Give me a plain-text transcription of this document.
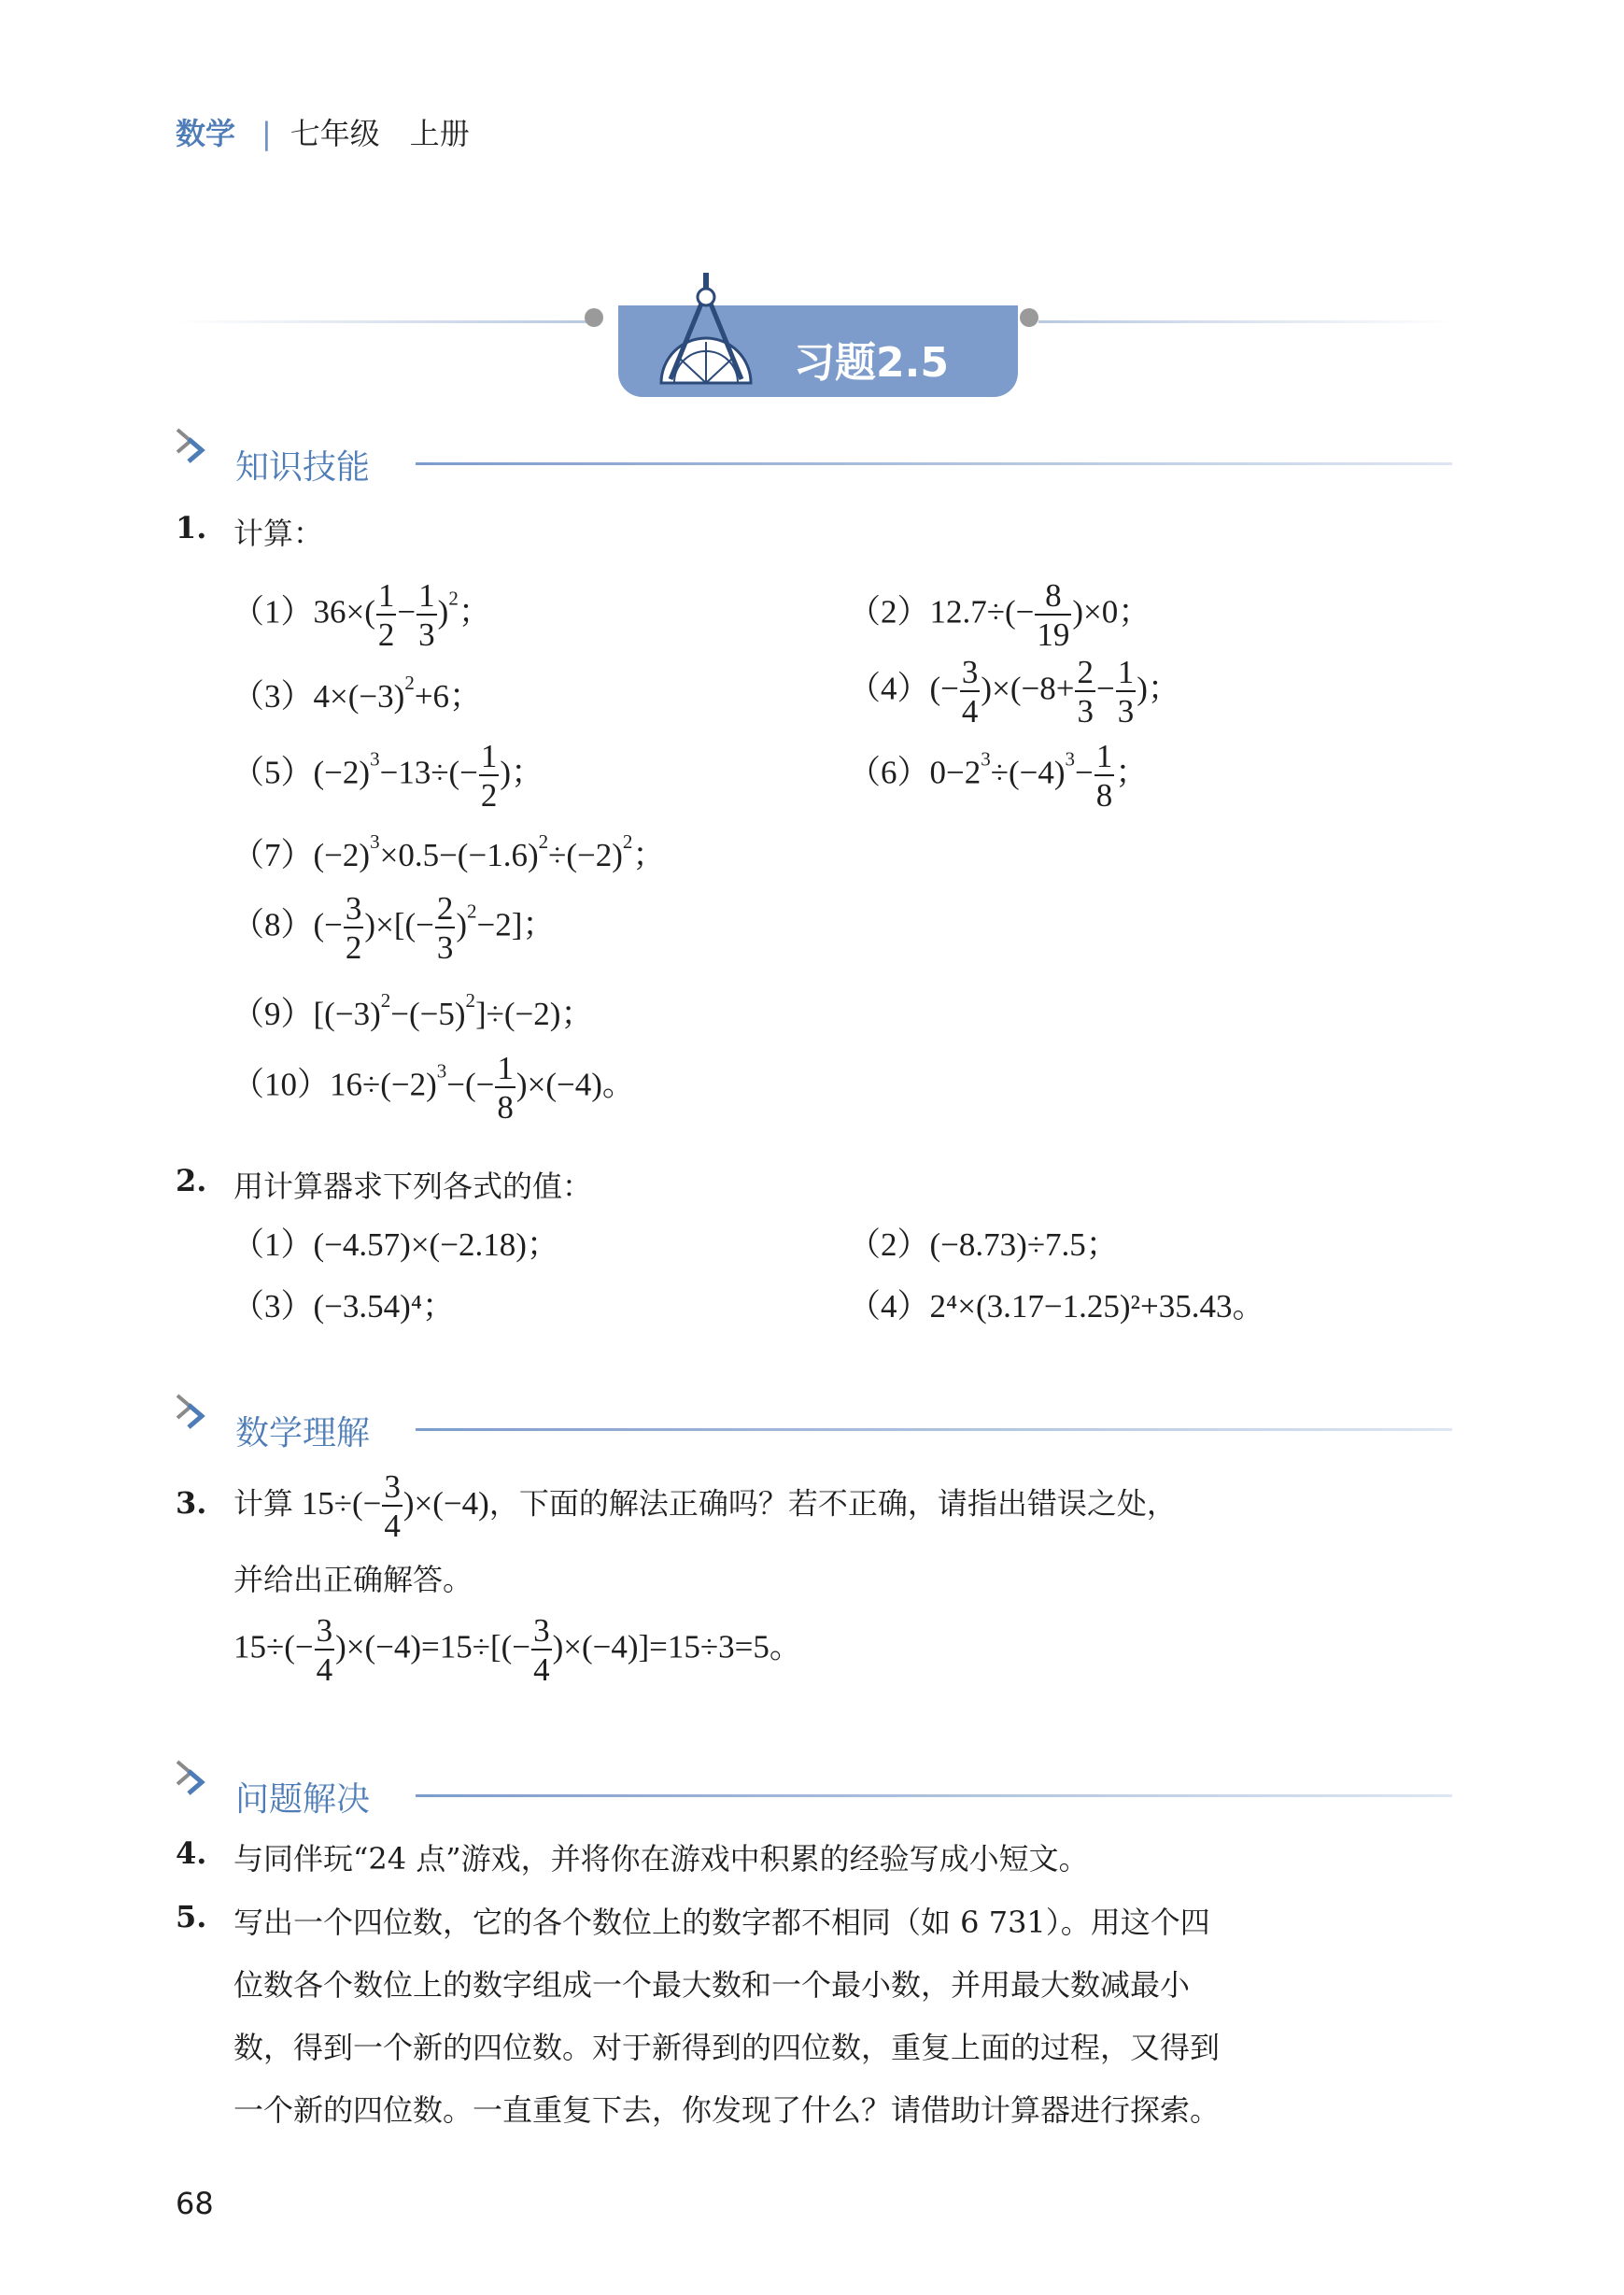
数学 | 七年级　上册
习题2.5
知识技能
1. 计算：
$(1)36\times( \frac{1}{2} - \frac{1}{3} )^2$；	$(2)12.7\div(- \frac{8}{19} )\times 0$；
$(3)4\times(-3)^2+6$；	$(4)(- \frac{3}{4} )\times(-8+ \frac{2}{3} - \frac{1}{3}$ )；
$(5)(-2)^3-13\div(- \frac{1}{2}$ )；	$(6)0-2^3\div(-4)^3- \frac{1}{8}$ ；
$(7)(-2)^3\times 0.5-(-1.6)^2\div(-2)^2$；
$(8)(- \frac{3}{2}$ )×[(− $\frac{2}{3} )^2-2$]；
$(9)[(-3)^2-(-5)^2]\div(-2)$；
$(10)16\div(-2)^3-(- \frac{1}{8} )\times(-4)$。
2. 用计算器求下列各式的值：
（1）(−4.57)×(−2.18)；	（2）(−8.73)÷7.5；
（3）(−3.54)⁴；	（4）2⁴×(3.17−1.25)²+35.43。
数学理解
3. 计算 $15\div(- \frac{3}{4} )\times(-4)$，下面的解法正确吗？若不正确，请指出错误之处，
并给出正确解答。
$15\div(- \frac{3}{4} )\times(-4)=15\div[(- \frac{3}{4} )\times(-4)]=15\div 3=5$。
问题解决
4. 与同伴玩“24 点”游戏，并将你在游戏中积累的经验写成小短文。
5. 写出一个四位数，它的各个数位上的数字都不相同（如 6 731）。用这个四
位数各个数位上的数字组成一个最大数和一个最小数，并用最大数减最小
数，得到一个新的四位数。对于新得到的四位数，重复上面的过程，又得到
一个新的四位数。一直重复下去，你发现了什么？请借助计算器进行探索。
68
